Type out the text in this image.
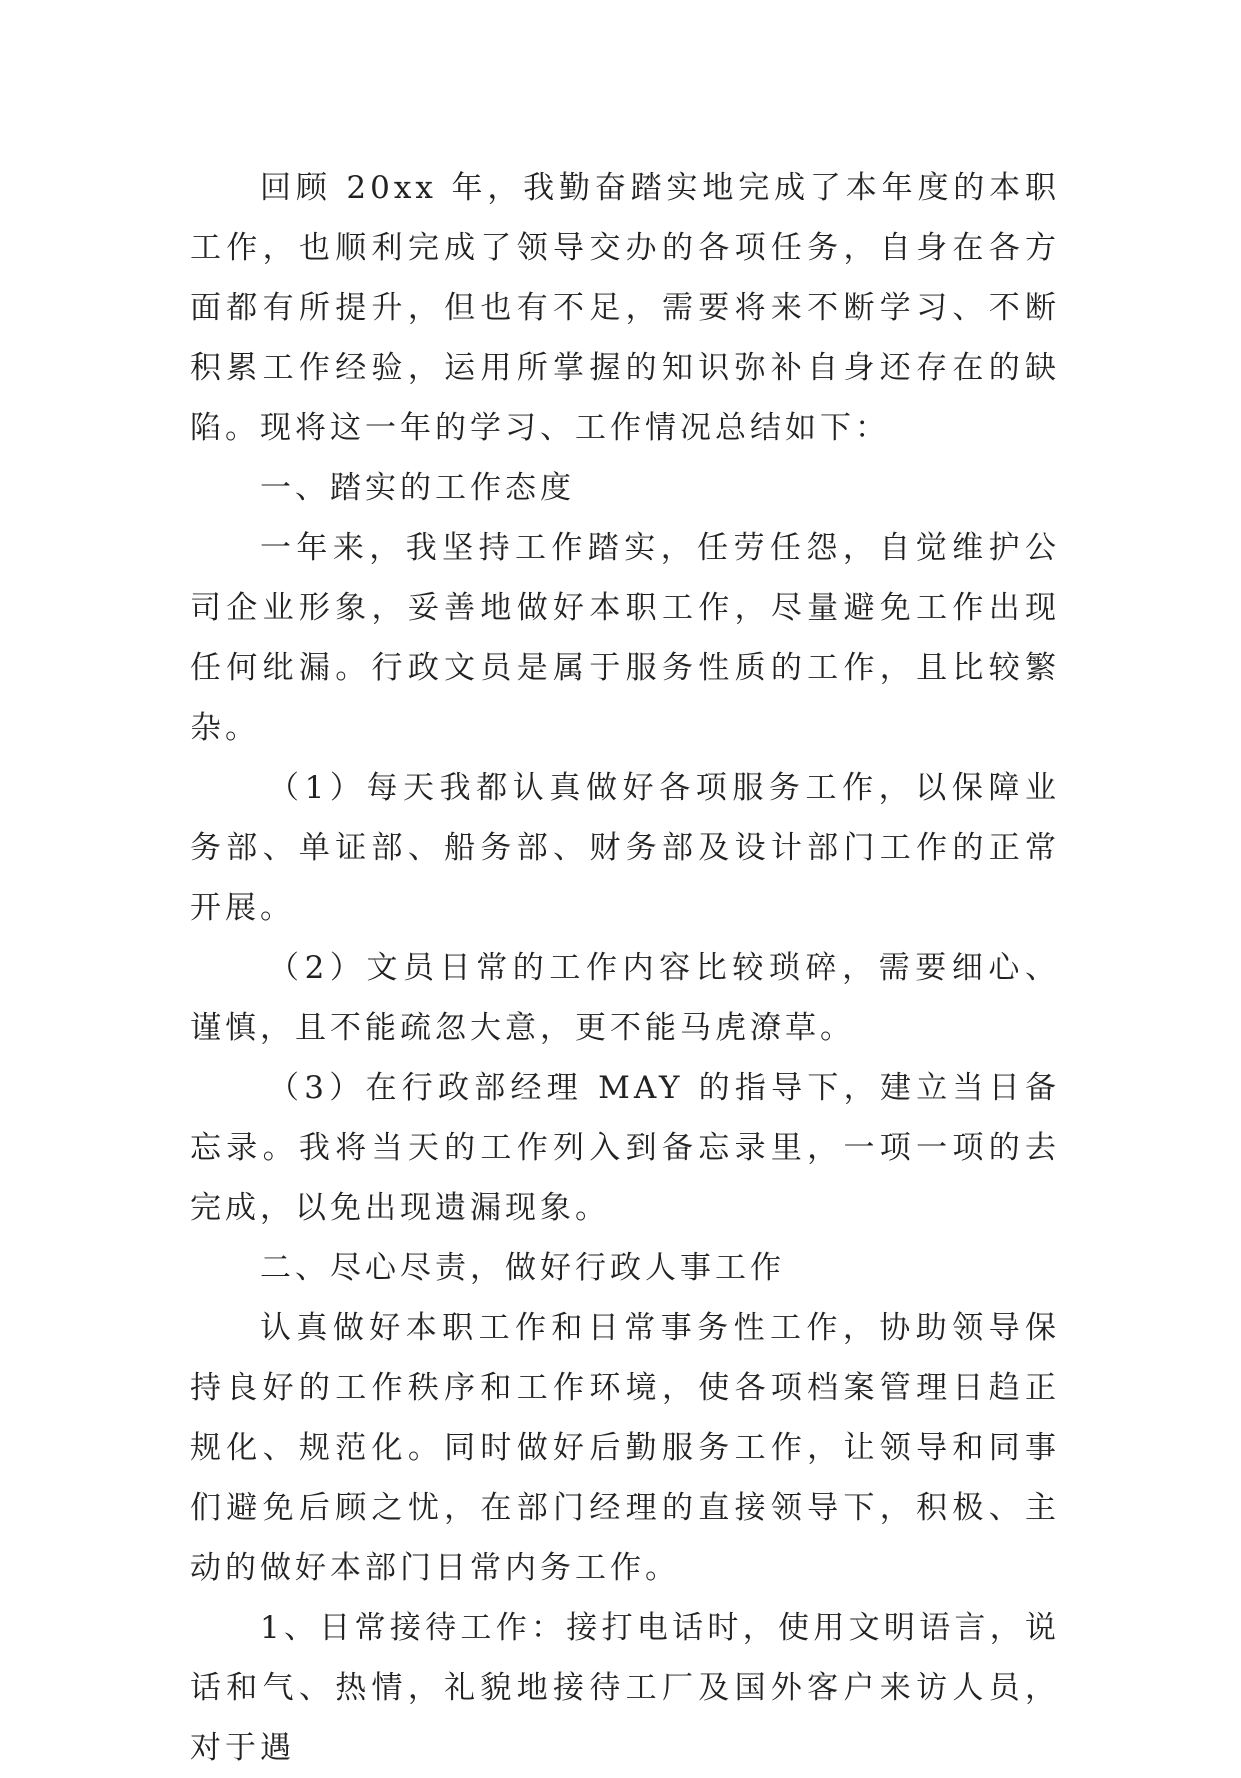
回顾 20xx 年，我勤奋踏实地完成了本年度的本职工作，也顺利完成了领导交办的各项任务，自身在各方面都有所提升，但也有不足，需要将来不断学习、不断积累工作经验，运用所掌握的知识弥补自身还存在的缺陷。现将这一年的学习、工作情况总结如下：

一、踏实的工作态度

一年来，我坚持工作踏实，任劳任怨，自觉维护公司企业形象，妥善地做好本职工作，尽量避免工作出现任何纰漏。行政文员是属于服务性质的工作，且比较繁杂。

（1）每天我都认真做好各项服务工作，以保障业务部、单证部、船务部、财务部及设计部门工作的正常开展。

（2）文员日常的工作内容比较琐碎，需要细心、谨慎，且不能疏忽大意，更不能马虎潦草。

（3）在行政部经理 MAY 的指导下，建立当日备忘录。我将当天的工作列入到备忘录里，一项一项的去完成，以免出现遗漏现象。

二、尽心尽责，做好行政人事工作

认真做好本职工作和日常事务性工作，协助领导保持良好的工作秩序和工作环境，使各项档案管理日趋正规化、规范化。同时做好后勤服务工作，让领导和同事们避免后顾之忧，在部门经理的直接领导下，积极、主动的做好本部门日常内务工作。

1、日常接待工作：接打电话时，使用文明语言，说话和气、热情，礼貌地接待工厂及国外客户来访人员，对于遇
